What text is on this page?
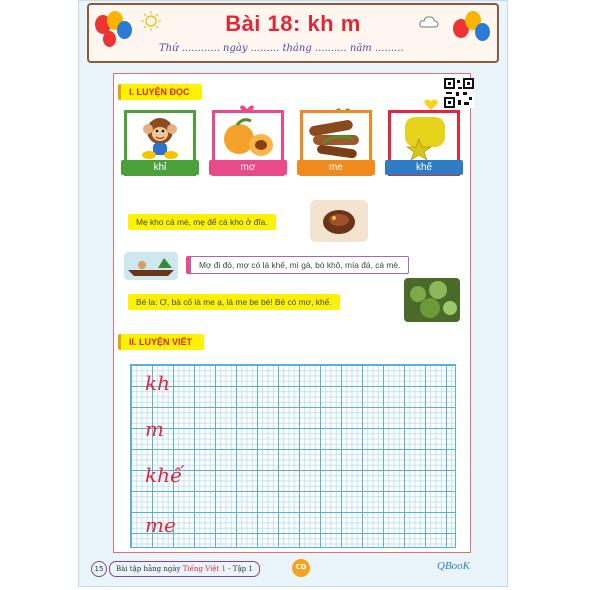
Bài 18: kh m
Thứ ............ ngày ......... tháng .......... năm .........
I. LUYỆN ĐỌC
khỉ	mơ	me	khế
Mẹ kho cá mè, mẹ để cá kho ở đĩa.
Mợ đi đò, mợ có lá khế, mì gà, bò khô, mía đá, cá mè.
Bé la: Ơ, bà cố là me ạ, lá me be bé! Bé có mơ, khế.
II. LUYỆN VIẾT
kh
m
khế
me
15	Bài tập hằng ngày Tiếng Việt 1 - Tập 1	CD	QBooK
